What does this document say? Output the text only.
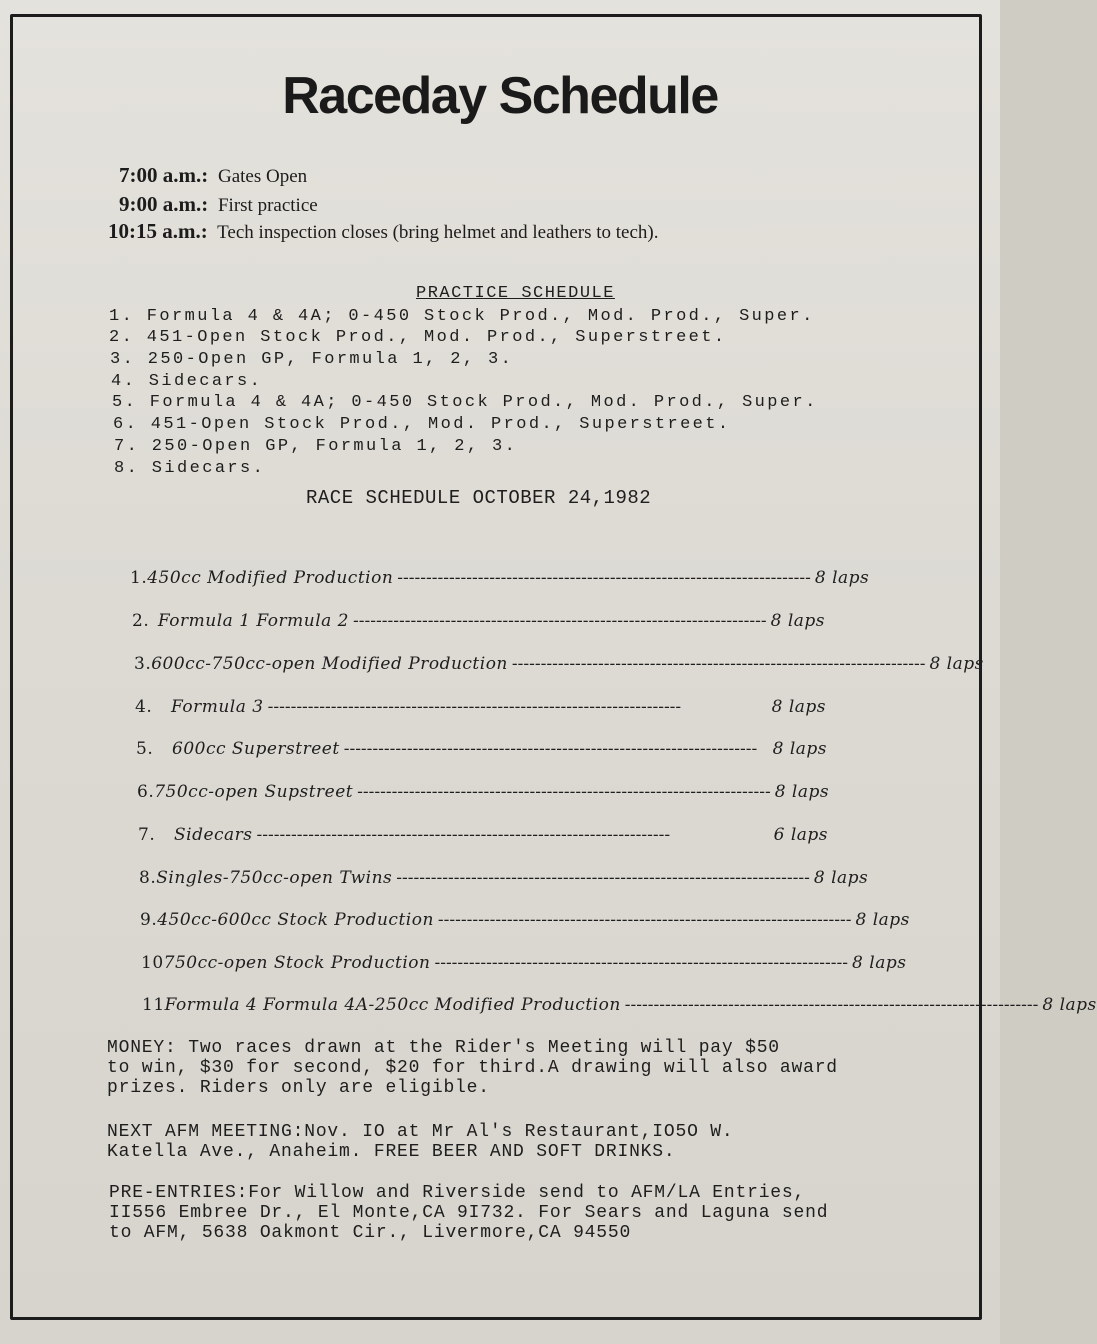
Raceday Schedule
7:00 a.m.: Gates Open
9:00 a.m.: First practice
10:15 a.m.: Tech inspection closes (bring helmet and leathers to tech).
PRACTICE SCHEDULE
1. Formula 4 & 4A; 0-450 Stock Prod., Mod. Prod., Super.
2. 451-Open Stock Prod., Mod. Prod., Superstreet.
3. 250-Open GP, Formula 1, 2, 3.
4. Sidecars.
5. Formula 4 & 4A; 0-450 Stock Prod., Mod. Prod., Super.
6. 451-Open Stock Prod., Mod. Prod., Superstreet.
7. 250-Open GP, Formula 1, 2, 3.
8. Sidecars.
RACE SCHEDULE OCTOBER 24,1982
1. 450cc Modified Production ------------------------------------------------------------------------ 8 laps
2. Formula 1 Formula 2 ------------------------------------------------------------------------ 8 laps
3. 600cc-750cc-open Modified Production ------------------------------------------------------------------------ 8 laps
4.	Formula 3 ------------------------------------------------------------------------	8 laps
5.	600cc Superstreet ------------------------------------------------------------------------ 8 laps
6. 750cc-open Supstreet ------------------------------------------------------------------------ 8 laps
7.	Sidecars ------------------------------------------------------------------------	6 laps
8. Singles-750cc-open Twins ------------------------------------------------------------------------ 8 laps
9. 450cc-600cc Stock Production ------------------------------------------------------------------------ 8 laps
10 750cc-open Stock Production ------------------------------------------------------------------------ 8 laps
11 Formula 4 Formula 4A-250cc Modified Production ------------------------------------------------------------------------ 8 laps
MONEY: Two races drawn at the Rider's Meeting will pay $50
to win, $30 for second, $20 for third.A drawing will also award
prizes. Riders only are eligible.
NEXT AFM MEETING:Nov. IO at Mr Al's Restaurant,IO5O W.
Katella Ave., Anaheim. FREE BEER AND SOFT DRINKS.
PRE-ENTRIES:For Willow and Riverside send to AFM/LA Entries,
II556 Embree Dr., El Monte,CA 9I732. For Sears and Laguna send
to AFM, 5638 Oakmont Cir., Livermore,CA 94550
